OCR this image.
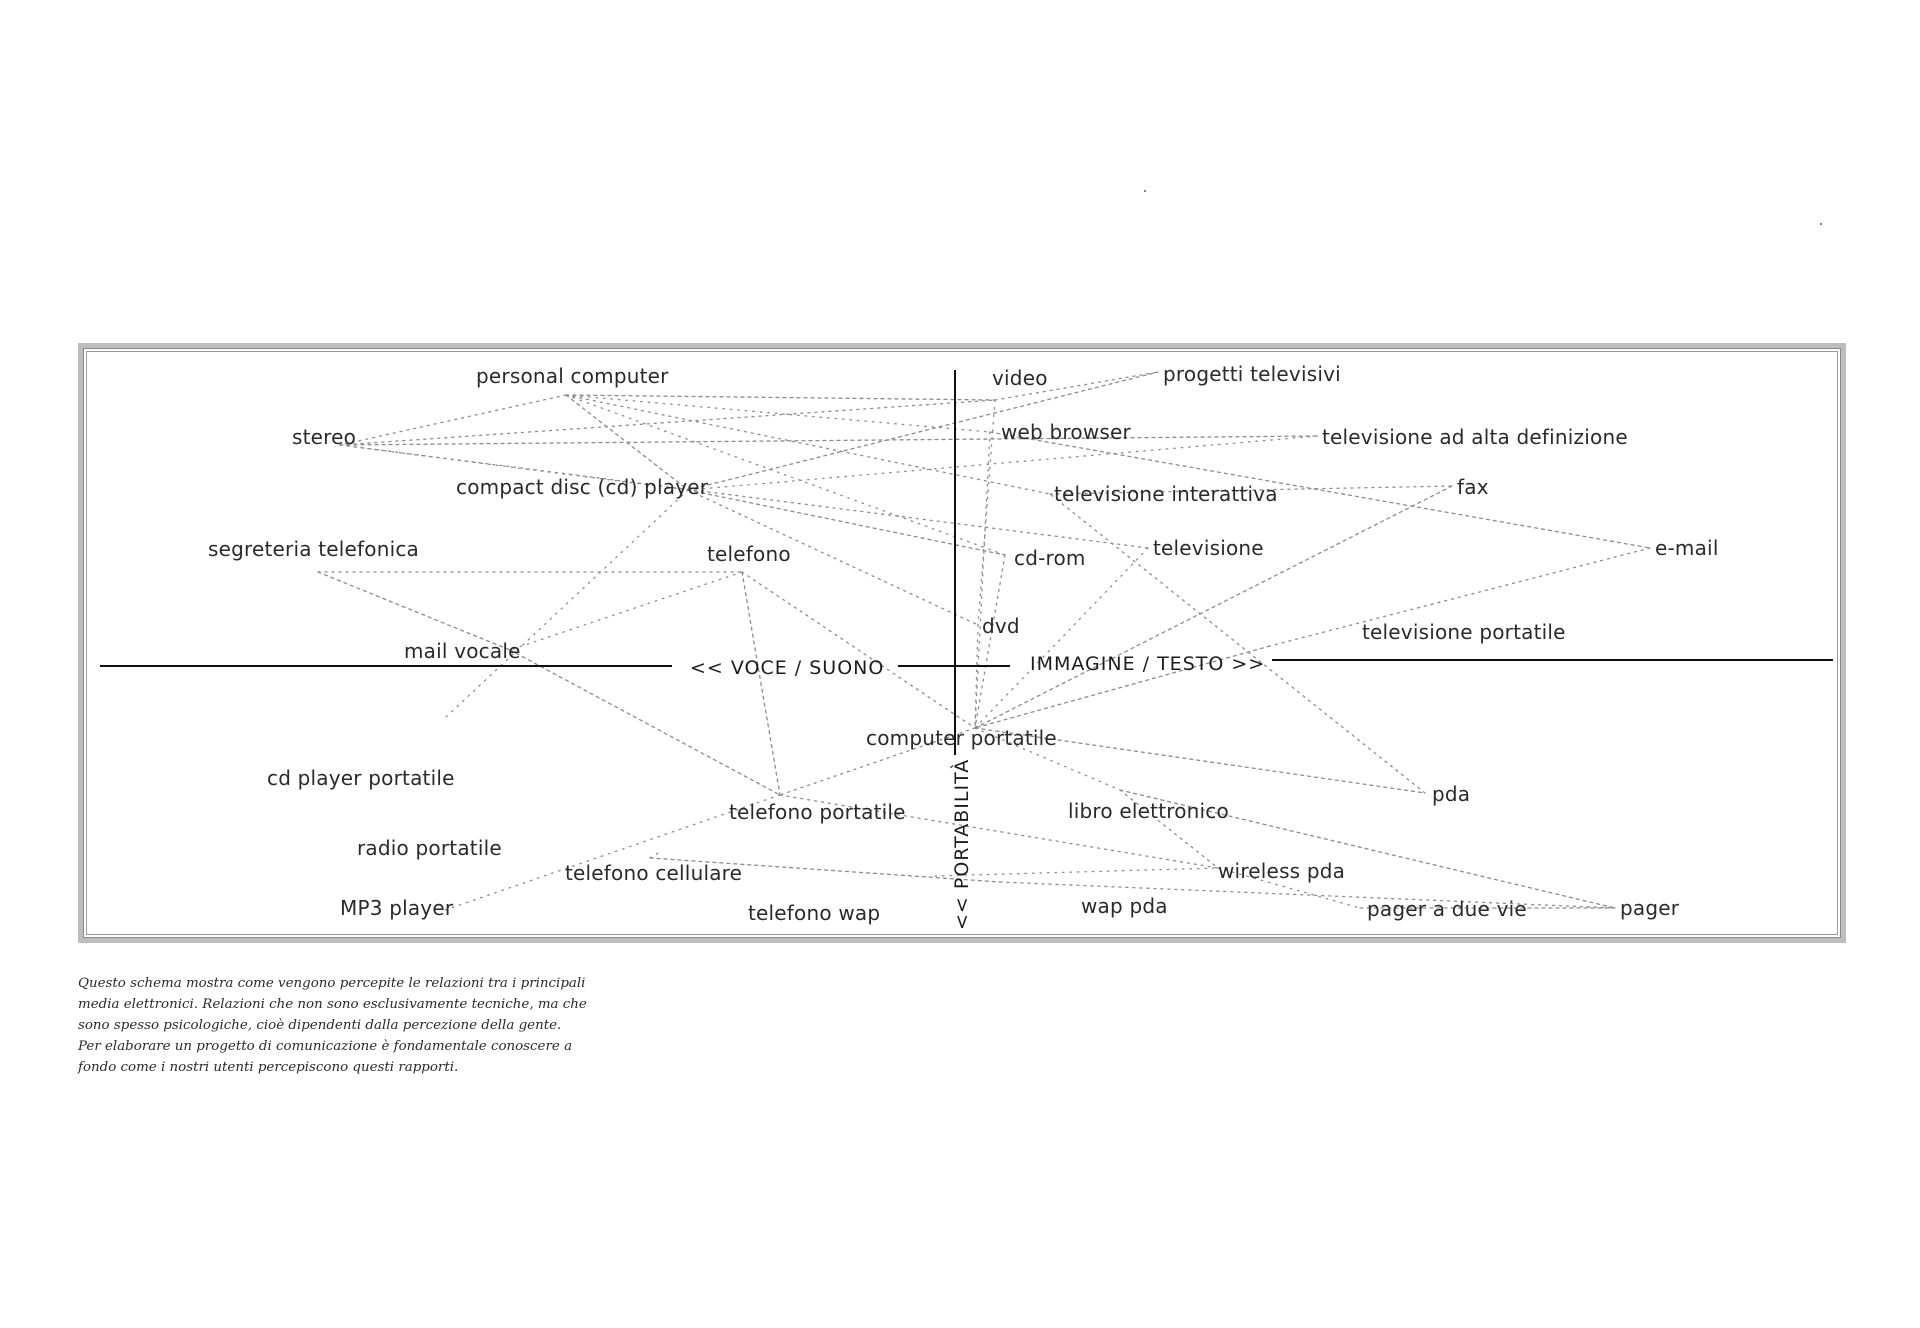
<< VOCE / SUONO	IMMAGINE / TESTO >>
<< PORTABILITÀ
personal computer
stereo
compact disc (cd) player
segreteria telefonica	telefono
mail vocale
video	progetti televisivi
web browser	televisione ad alta definizione
televisione interattiva	fax
cd-rom	televisione	e-mail
dvd	televisione portatile
computer portatile
cd player portatile
telefono portatile	libro elettronico
pda
radio portatile
telefono cellulare	wireless pda
MP3 player	telefono wap	wap pda	pager a due vie	pager
Questo schema mostra come vengono percepite le relazioni tra i principali
media elettronici. Relazioni che non sono esclusivamente tecniche, ma che
sono spesso psicologiche, cioè dipendenti dalla percezione della gente.
Per elaborare un progetto di comunicazione è fondamentale conoscere a
fondo come i nostri utenti percepiscono questi rapporti.
